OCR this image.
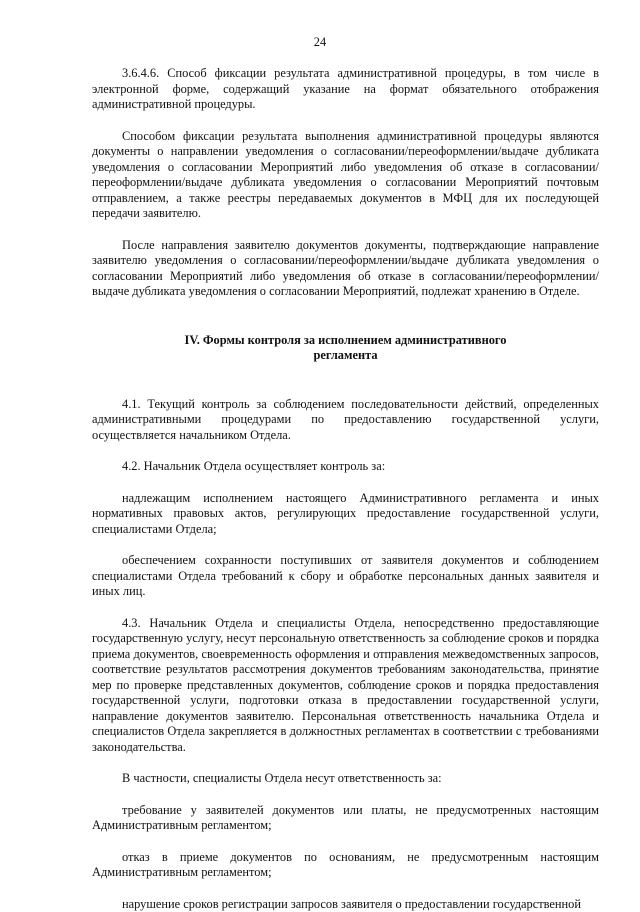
24

3.6.4.6. Способ фиксации результата административной процедуры, в том числе в электронной форме, содержащий указание на формат обязательного отображения административной процедуры.

Способом фиксации результата выполнения административной процедуры являются документы о направлении уведомления о согласовании/переоформлении/выдаче дубликата уведомления о согласовании Мероприятий либо уведомления об отказе в согласовании/переоформлении/выдаче дубликата уведомления о согласовании Мероприятий почтовым отправлением, а также реестры передаваемых документов в МФЦ для их последующей передачи заявителю.

После направления заявителю документов документы, подтверждающие направление заявителю уведомления о согласовании/переоформлении/выдаче дубликата уведомления о согласовании Мероприятий либо уведомления об отказе в согласовании/переоформлении/выдаче дубликата уведомления о согласовании Мероприятий, подлежат хранению в Отделе.

IV. Формы контроля за исполнением административного регламента

4.1. Текущий контроль за соблюдением последовательности действий, определенных административными процедурами по предоставлению государственной услуги, осуществляется начальником Отдела.

4.2. Начальник Отдела осуществляет контроль за:

надлежащим исполнением настоящего Административного регламента и иных нормативных правовых актов, регулирующих предоставление государственной услуги, специалистами Отдела;

обеспечением сохранности поступивших от заявителя документов и соблюдением специалистами Отдела требований к сбору и обработке персональных данных заявителя и иных лиц.

4.3. Начальник Отдела и специалисты Отдела, непосредственно предоставляющие государственную услугу, несут персональную ответственность за соблюдение сроков и порядка приема документов, своевременность оформления и отправления межведомственных запросов, соответствие результатов рассмотрения документов требованиям законодательства, принятие мер по проверке представленных документов, соблюдение сроков и порядка предоставления государственной услуги, подготовки отказа в предоставлении государственной услуги, направление документов заявителю. Персональная ответственность начальника Отдела и специалистов Отдела закрепляется в должностных регламентах в соответствии с требованиями законодательства.

В частности, специалисты Отдела несут ответственность за:

требование у заявителей документов или платы, не предусмотренных настоящим Административным регламентом;

отказ в приеме документов по основаниям, не предусмотренным настоящим Административным регламентом;

нарушение сроков регистрации запросов заявителя о предоставлении государственной
